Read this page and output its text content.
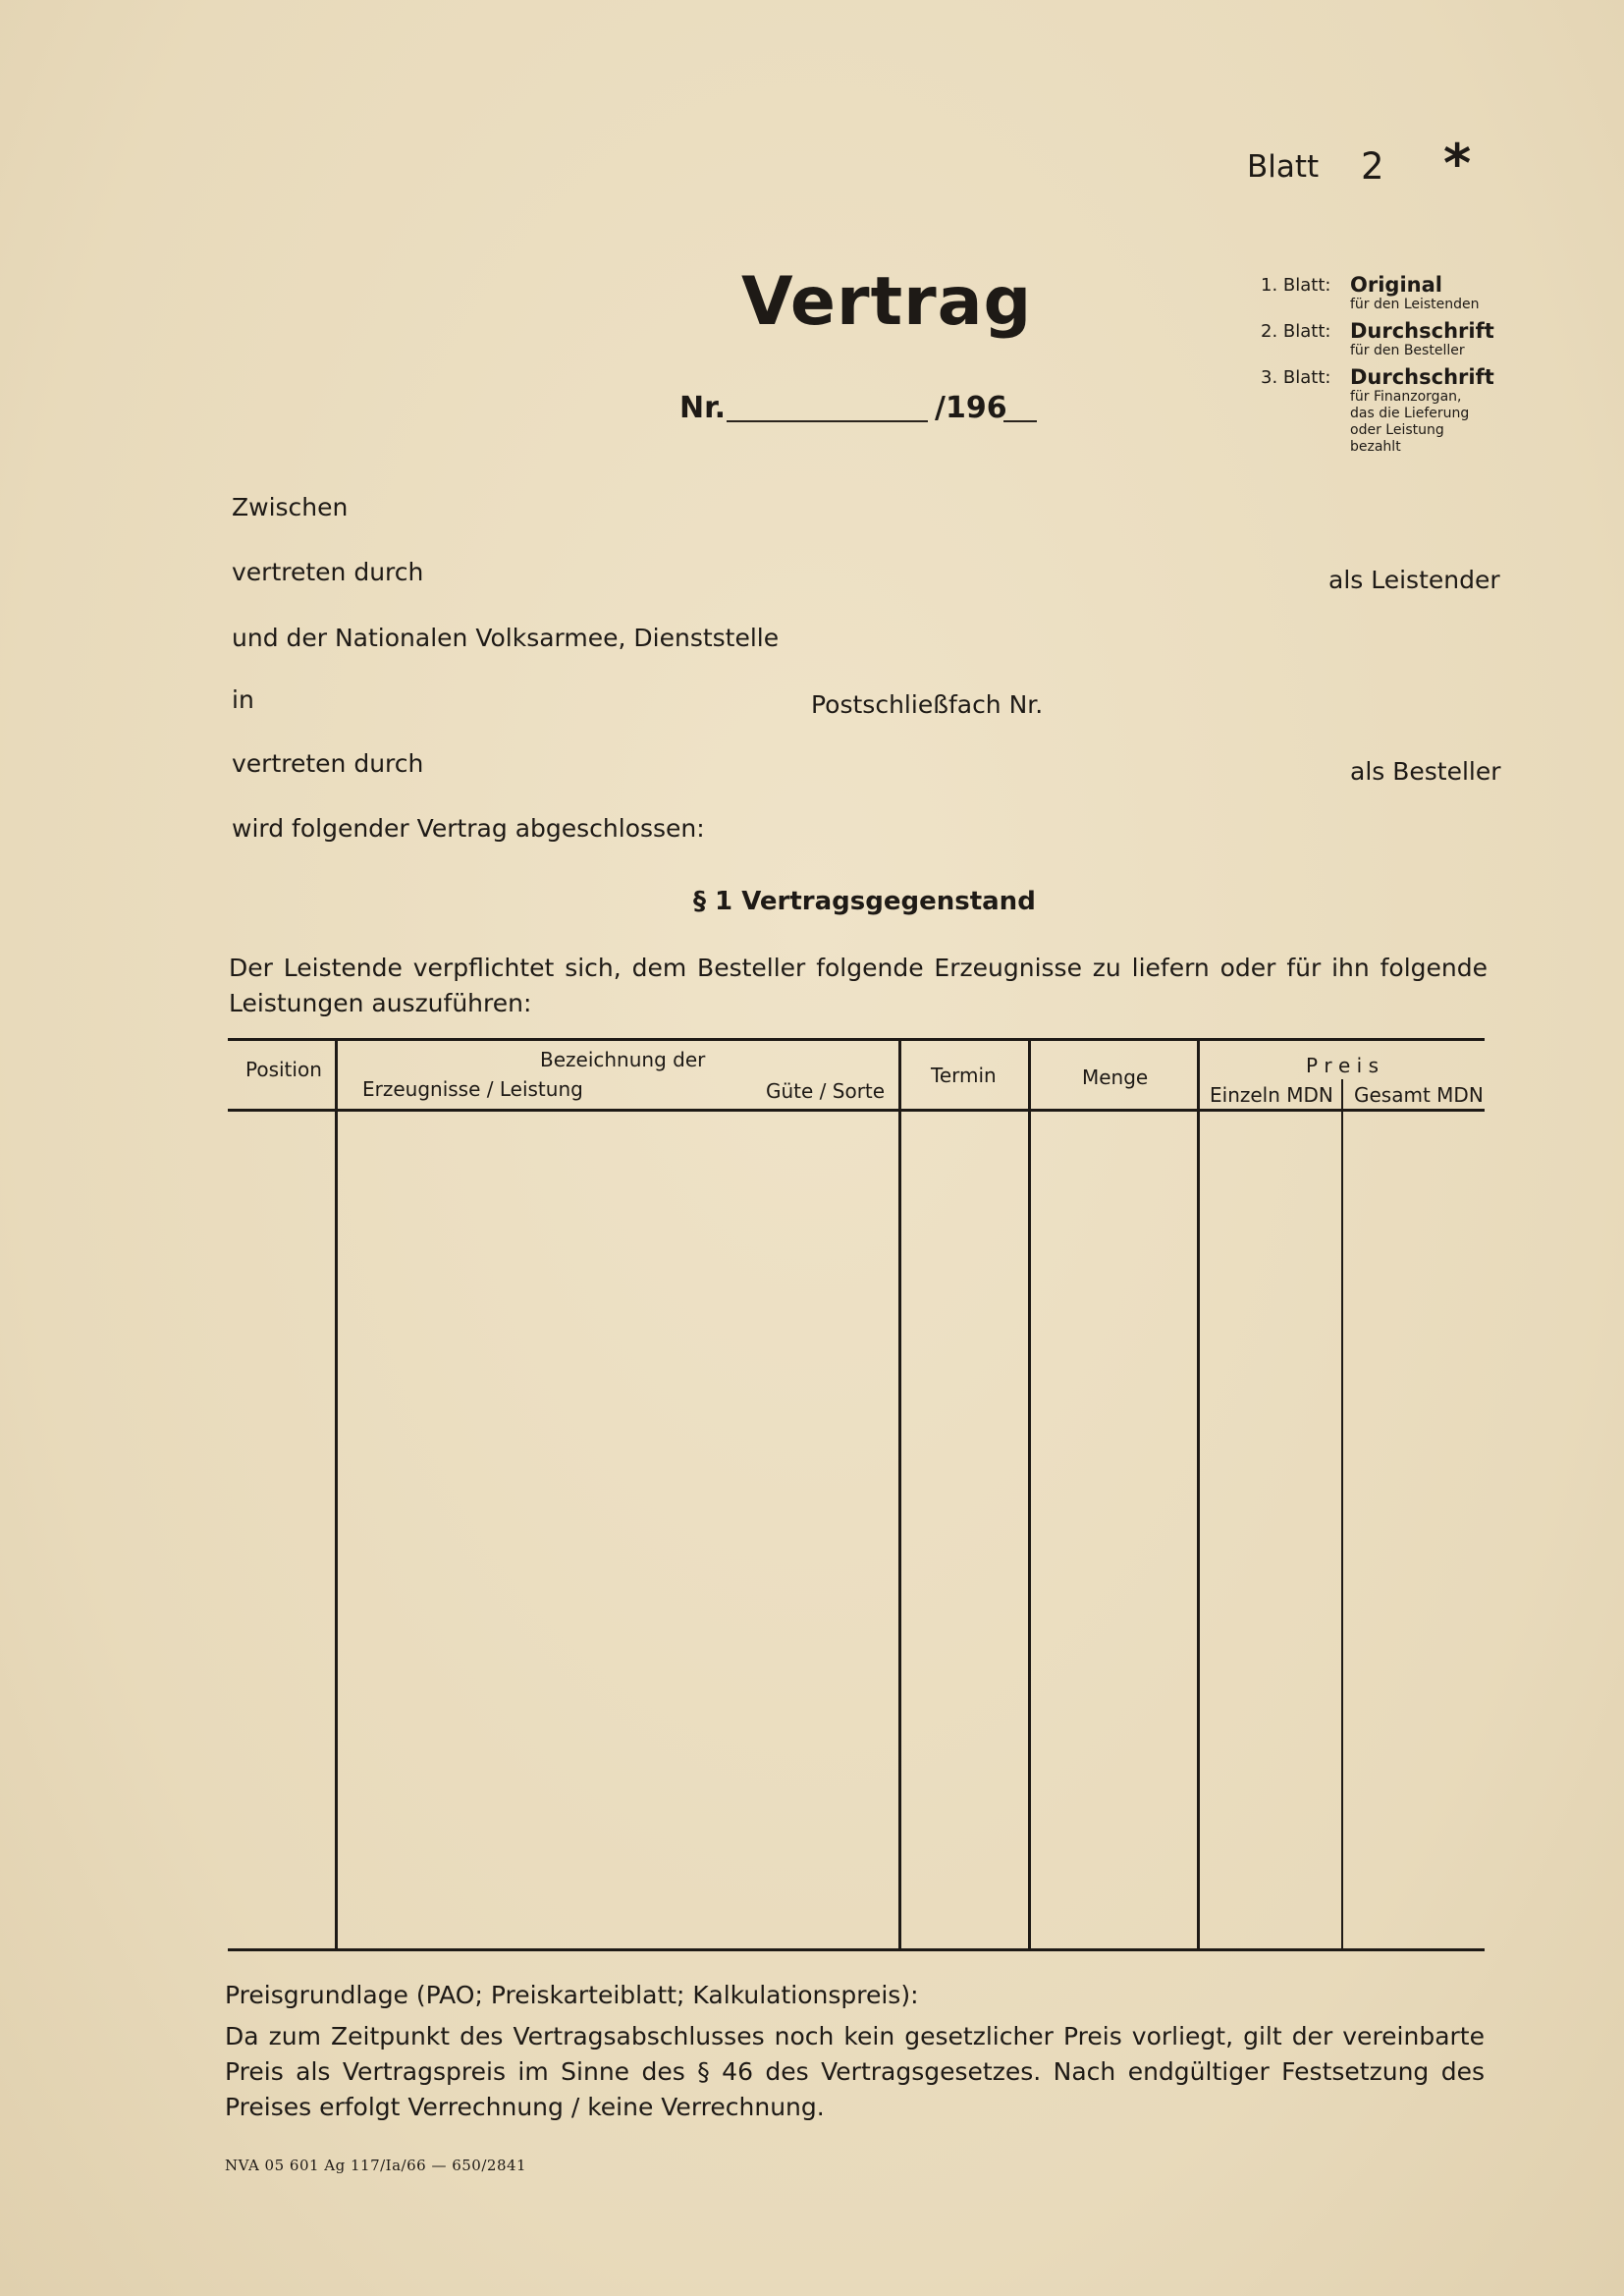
Blatt 2 *
Vertrag
Nr.	/196
1. Blatt: Original
für den Leistenden
2. Blatt: Durchschrift
für den Besteller
3. Blatt: Durchschrift
für Finanzorgan, das die Lieferung oder Leistung bezahlt
Zwischen
vertreten durch	als Leistender
und der Nationalen Volksarmee, Dienststelle
in	Postschließfach Nr.
vertreten durch	als Besteller
wird folgender Vertrag abgeschlossen:
§ 1 Vertragsgegenstand
Der Leistende verpflichtet sich, dem Besteller folgende Erzeugnisse zu liefern oder für ihn folgende Leistungen auszuführen:
Position	Bezeichnung der
Erzeugnisse / Leistung	Güte / Sorte
Termin	Menge	P r e i s
Einzeln MDN Gesamt MDN
Preisgrundlage (PAO; Preiskarteiblatt; Kalkulationspreis):
Da zum Zeitpunkt des Vertragsabschlusses noch kein gesetzlicher Preis vorliegt, gilt der vereinbarte Preis als Vertragspreis im Sinne des § 46 des Vertragsgesetzes. Nach endgültiger Festsetzung des Preises erfolgt Verrechnung / keine Verrechnung.
NVA 05 601 Ag 117/Ia/66 — 650/2841
